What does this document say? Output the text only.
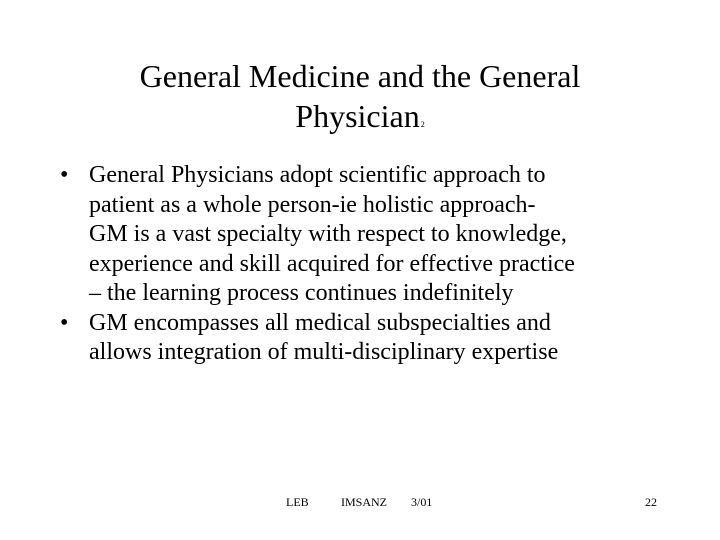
General Medicine and the General
Physician2
• General Physicians adopt scientific approach to
patient as a whole person-ie holistic approach-
GM is a vast specialty with respect to knowledge,
experience and skill acquired for effective practice
– the learning process continues indefinitely
• GM encompasses all medical subspecialties and
allows integration of multi-disciplinary expertise
LEB	IMSANZ 3/01	22
